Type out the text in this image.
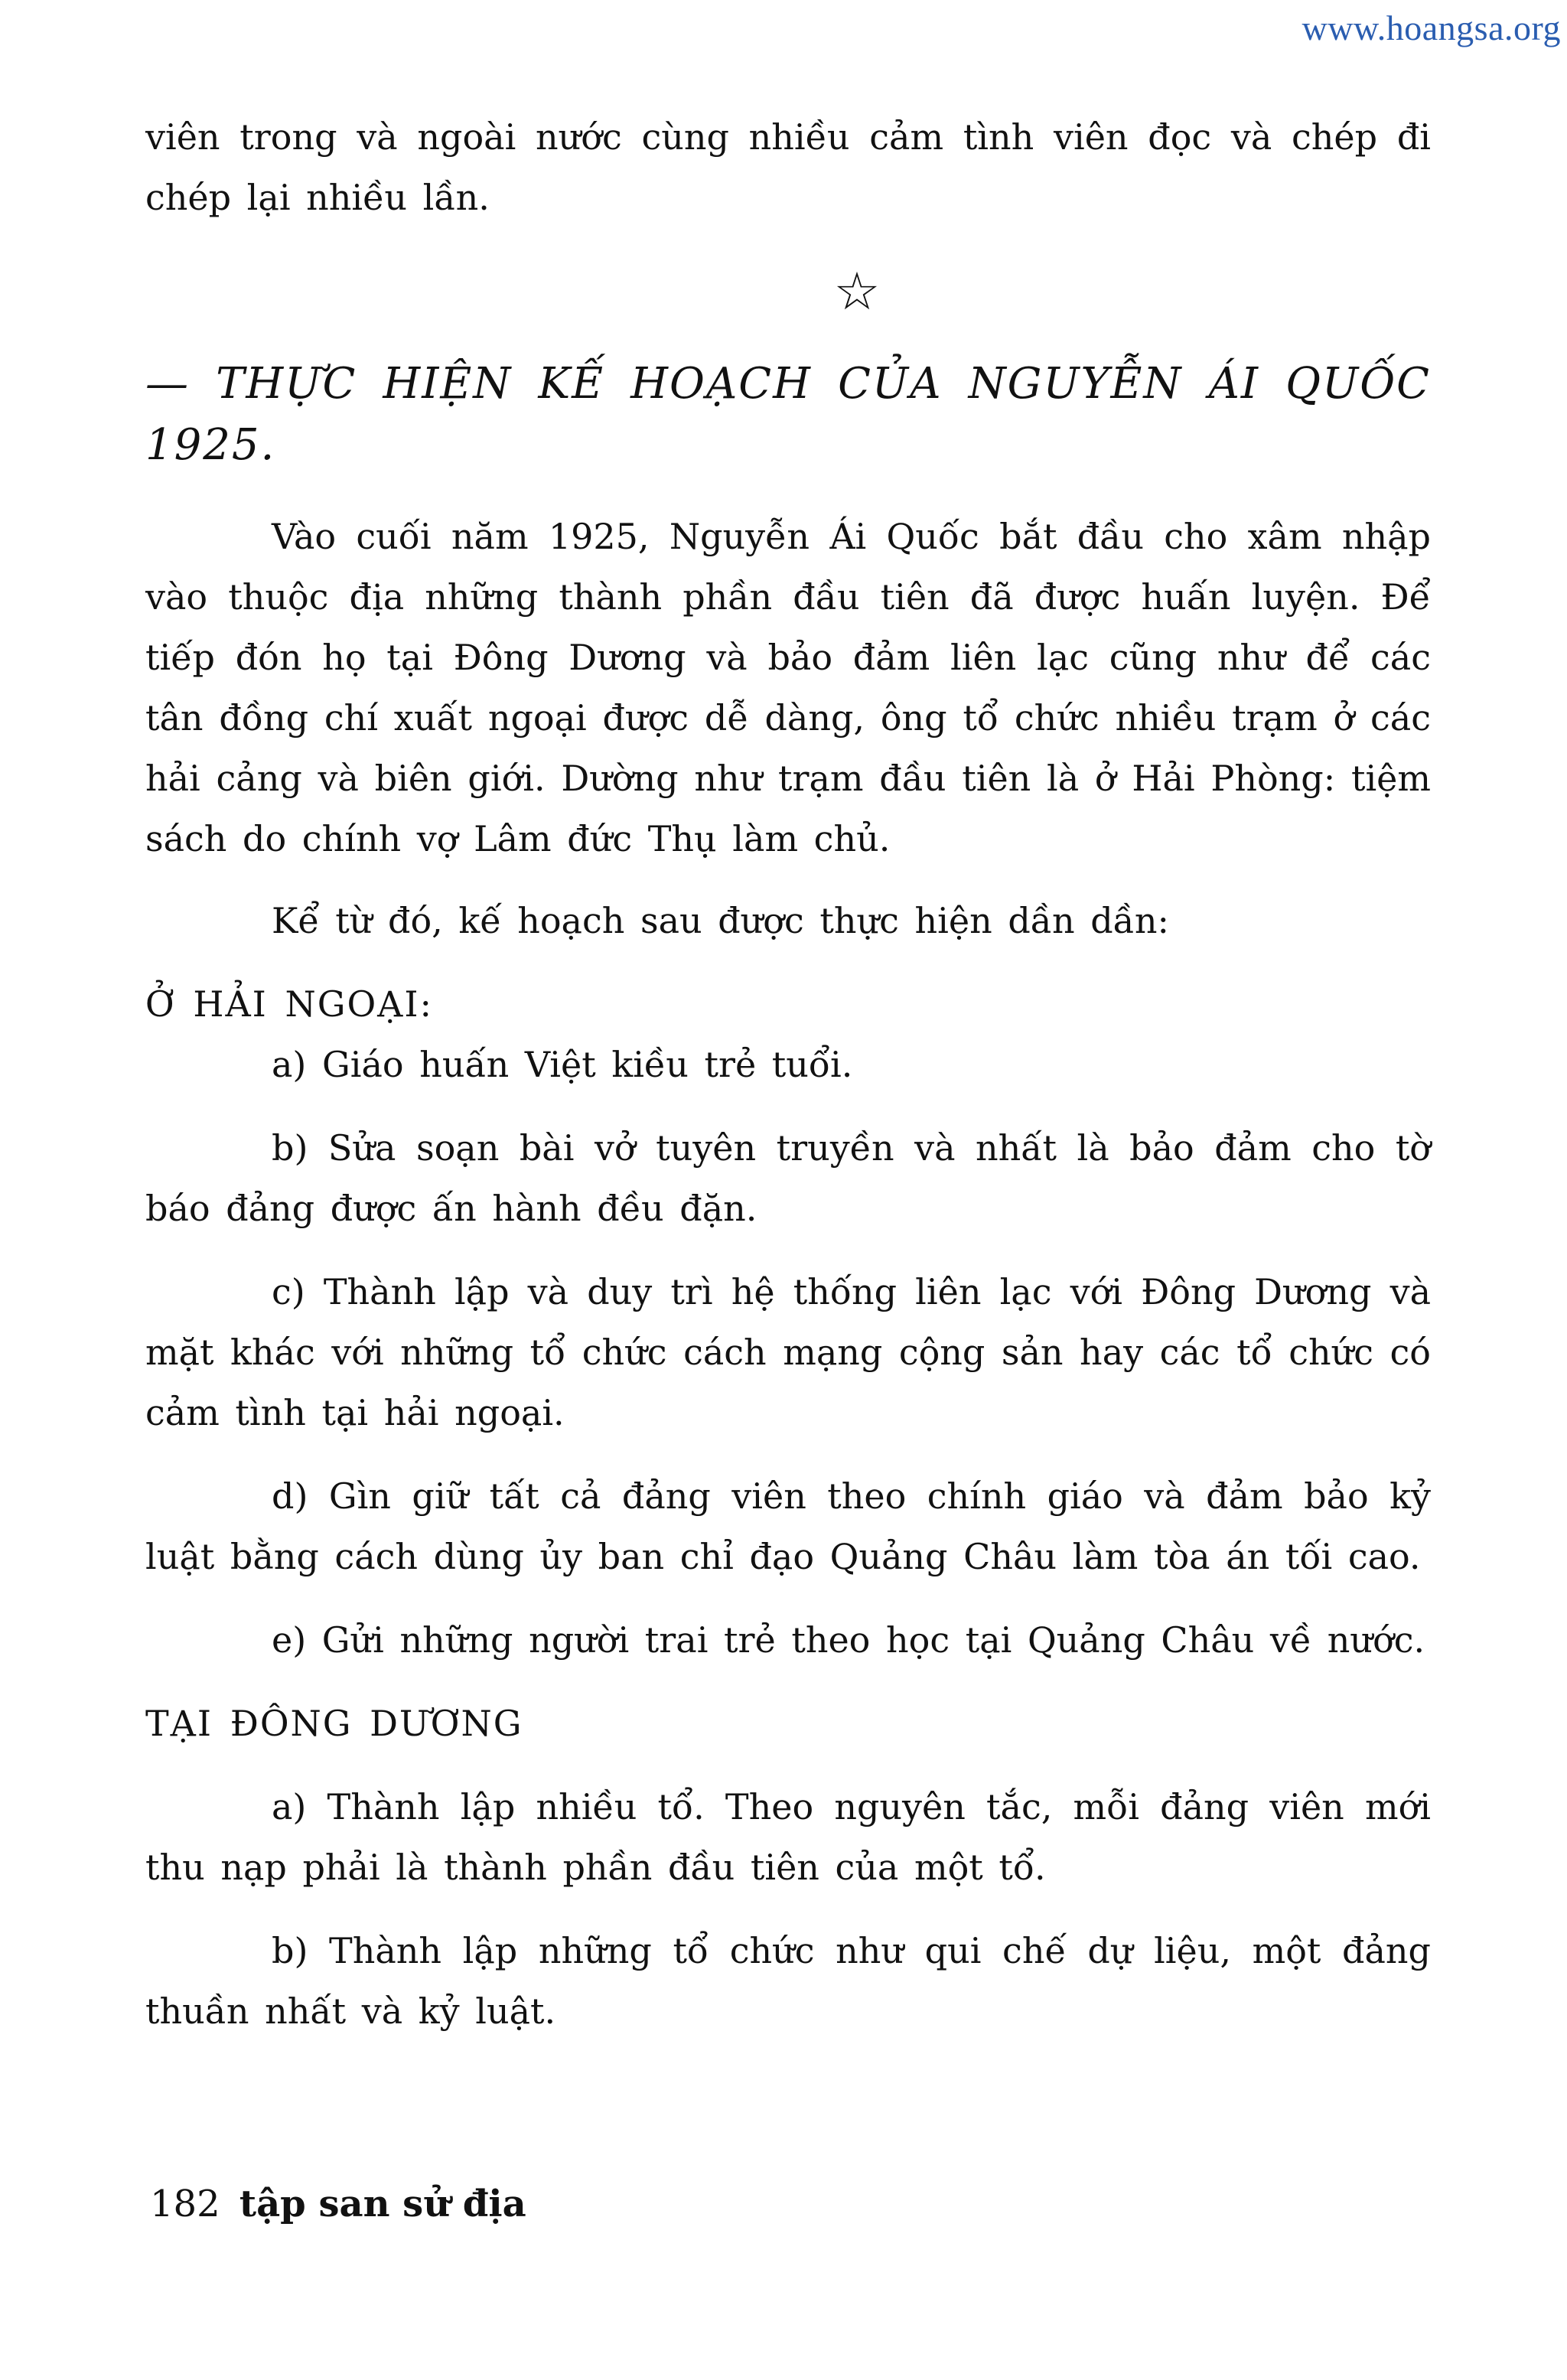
www.hoangsa.org

viên trong và ngoài nước cùng nhiều cảm tình viên đọc và chép đi chép lại nhiều lần.

☆

— THỰC HIỆN KẾ HOẠCH CỦA NGUYỄN ÁI QUỐC 1925.

Vào cuối năm 1925, Nguyễn Ái Quốc bắt đầu cho xâm nhập vào thuộc địa những thành phần đầu tiên đã được huấn luyện. Để tiếp đón họ tại Đông Dương và bảo đảm liên lạc cũng như để các tân đồng chí xuất ngoại được dễ dàng, ông tổ chức nhiều trạm ở các hải cảng và biên giới. Dường như trạm đầu tiên là ở Hải Phòng: tiệm sách do chính vợ Lâm đức Thụ làm chủ.

Kể từ đó, kế hoạch sau được thực hiện dần dần:

Ở HẢI NGOẠI:

a) Giáo huấn Việt kiều trẻ tuổi.

b) Sửa soạn bài vở tuyên truyền và nhất là bảo đảm cho tờ báo đảng được ấn hành đều đặn.

c) Thành lập và duy trì hệ thống liên lạc với Đông Dương và mặt khác với những tổ chức cách mạng cộng sản hay các tổ chức có cảm tình tại hải ngoại.

d) Gìn giữ tất cả đảng viên theo chính giáo và đảm bảo kỷ luật bằng cách dùng ủy ban chỉ đạo Quảng Châu làm tòa án tối cao.

e) Gửi những người trai trẻ theo học tại Quảng Châu về nước.

TẠI ĐÔNG DƯƠNG

a) Thành lập nhiều tổ. Theo nguyên tắc, mỗi đảng viên mới thu nạp phải là thành phần đầu tiên của một tổ.

b) Thành lập những tổ chức như qui chế dự liệu, một đảng thuần nhất và kỷ luật.

182 tập san sử địa
